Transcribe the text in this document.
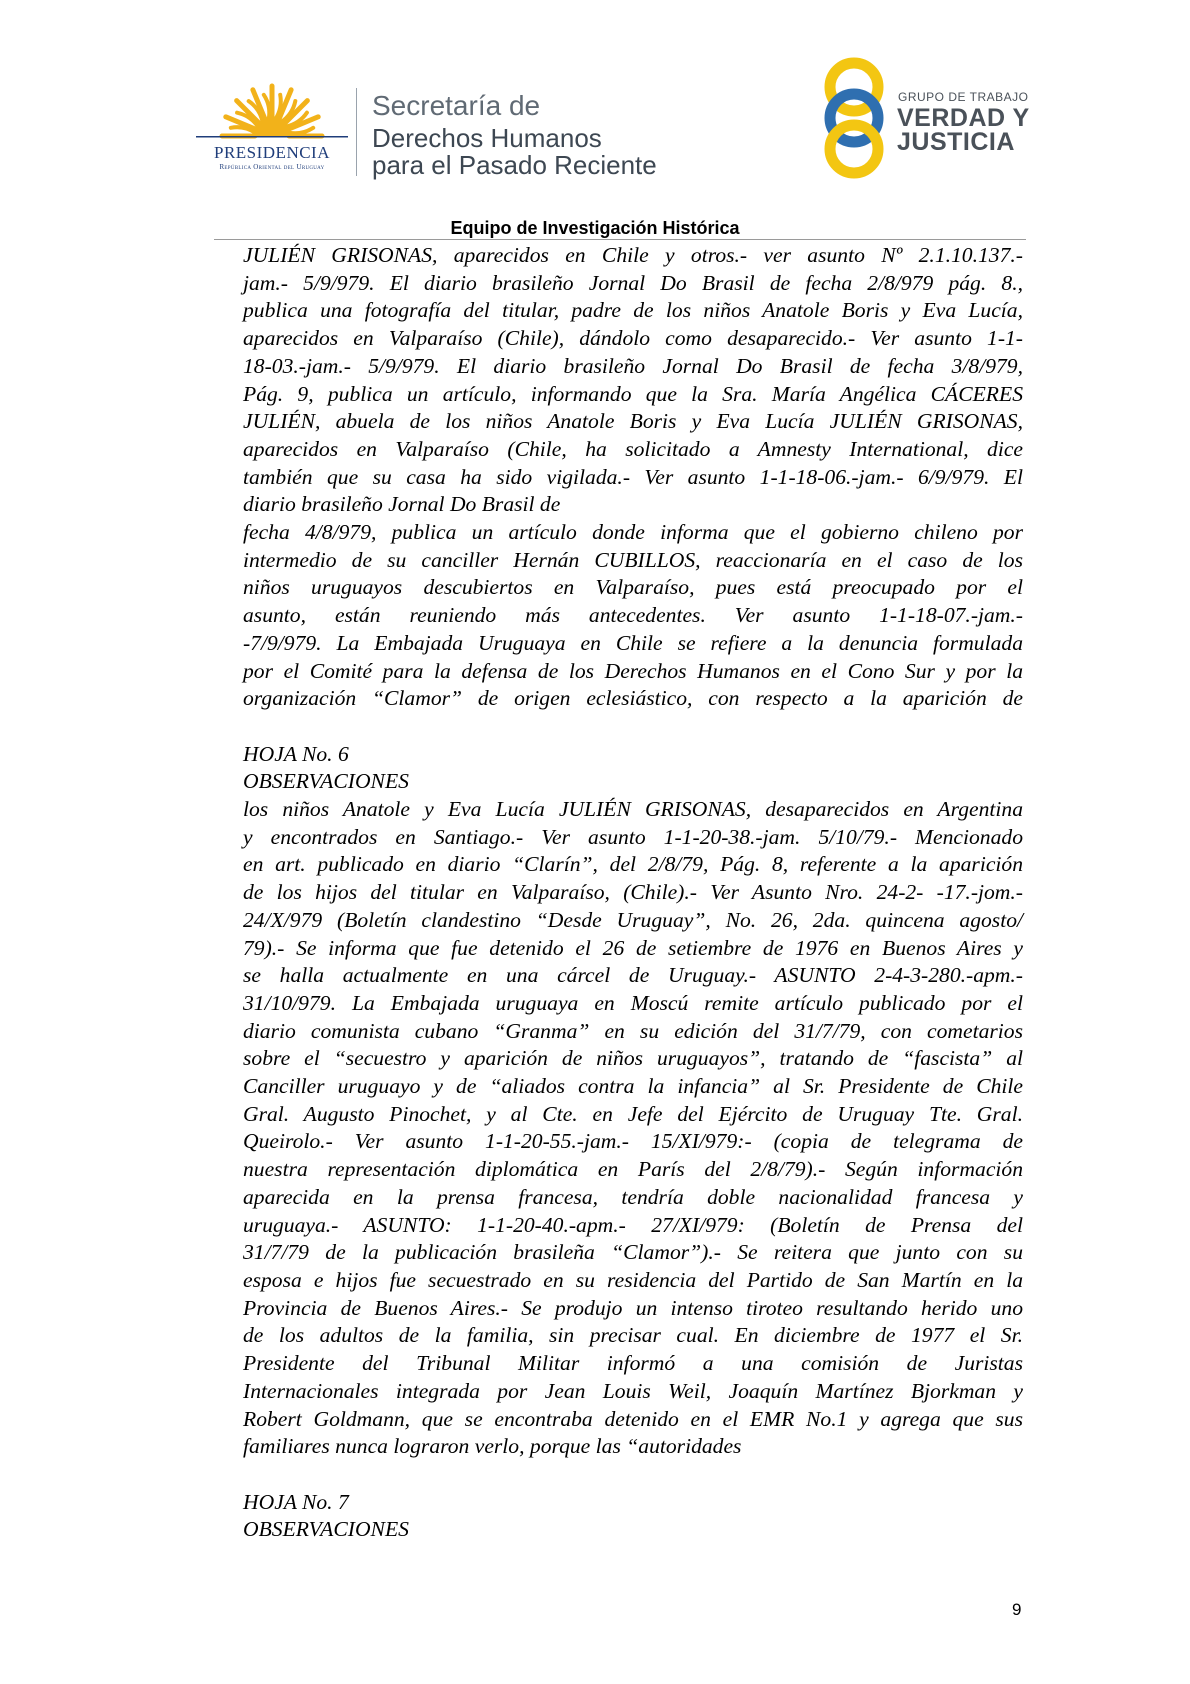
PRESIDENCIA
República Oriental del Uruguay
Secretaría de
Derechos Humanos
para el Pasado Reciente
GRUPO DE TRABAJO
VERDAD Y
JUSTICIA
Equipo de Investigación Histórica

JULIÉN GRISONAS, aparecidos en Chile y otros.- ver asunto Nº 2.1.10.137.-

jam.- 5/9/979. El diario brasileño Jornal Do Brasil de fecha 2/8/979 pág. 8.,

publica una fotografía del titular, padre de los niños Anatole Boris y Eva Lucía,

aparecidos en Valparaíso (Chile), dándolo como desaparecido.- Ver asunto 1-1-

18-03.-jam.- 5/9/979. El diario brasileño Jornal Do Brasil de fecha 3/8/979,

Pág. 9, publica un artículo, informando que la Sra. María Angélica CÁCERES

JULIÉN, abuela de los niños Anatole Boris y Eva Lucía JULIÉN GRISONAS,

aparecidos en Valparaíso (Chile, ha solicitado a Amnesty International, dice

también que su casa ha sido vigilada.- Ver asunto 1-1-18-06.-jam.- 6/9/979. El

diario brasileño Jornal Do Brasil de

fecha 4/8/979, publica un artículo donde informa que el gobierno chileno por

intermedio de su canciller Hernán CUBILLOS, reaccionaría en el caso de los

niños uruguayos descubiertos en Valparaíso, pues está preocupado por el

asunto, están reuniendo más antecedentes. Ver asunto 1-1-18-07.-jam.-

-7/9/979. La Embajada Uruguaya en Chile se refiere a la denuncia formulada

por el Comité para la defensa de los Derechos Humanos en el Cono Sur y por la

organización “Clamor” de origen eclesiástico, con respecto a la aparición de

HOJA No. 6

OBSERVACIONES

los niños Anatole y Eva Lucía JULIÉN GRISONAS, desaparecidos en Argentina

y encontrados en Santiago.- Ver asunto 1-1-20-38.-jam. 5/10/79.- Mencionado

en art. publicado en diario “Clarín”, del 2/8/79, Pág. 8, referente a la aparición

de los hijos del titular en Valparaíso, (Chile).- Ver Asunto Nro. 24-2- -17.-jom.-

24/X/979 (Boletín clandestino “Desde Uruguay”, No. 26, 2da. quincena agosto/

79).- Se informa que fue detenido el 26 de setiembre de 1976 en Buenos Aires y

se halla actualmente en una cárcel de Uruguay.- ASUNTO 2-4-3-280.-apm.-

31/10/979. La Embajada uruguaya en Moscú remite artículo publicado por el

diario comunista cubano “Granma” en su edición del 31/7/79, con cometarios

sobre el “secuestro y aparición de niños uruguayos”, tratando de “fascista” al

Canciller uruguayo y de “aliados contra la infancia” al Sr. Presidente de Chile

Gral. Augusto Pinochet, y al Cte. en Jefe del Ejército de Uruguay Tte. Gral.

Queirolo.- Ver asunto 1-1-20-55.-jam.- 15/XI/979:- (copia de telegrama de

nuestra representación diplomática en París del 2/8/79).- Según información

aparecida en la prensa francesa, tendría doble nacionalidad francesa y

uruguaya.- ASUNTO: 1-1-20-40.-apm.- 27/XI/979: (Boletín de Prensa del

31/7/79 de la publicación brasileña “Clamor”).- Se reitera que junto con su

esposa e hijos fue secuestrado en su residencia del Partido de San Martín en la

Provincia de Buenos Aires.- Se produjo un intenso tiroteo resultando herido uno

de los adultos de la familia, sin precisar cual. En diciembre de 1977 el Sr.

Presidente del Tribunal Militar informó a una comisión de Juristas

Internacionales integrada por Jean Louis Weil, Joaquín Martínez Bjorkman y

Robert Goldmann, que se encontraba detenido en el EMR No.1 y agrega que sus

familiares nunca lograron verlo, porque las “autoridades

HOJA No. 7

OBSERVACIONES

9
